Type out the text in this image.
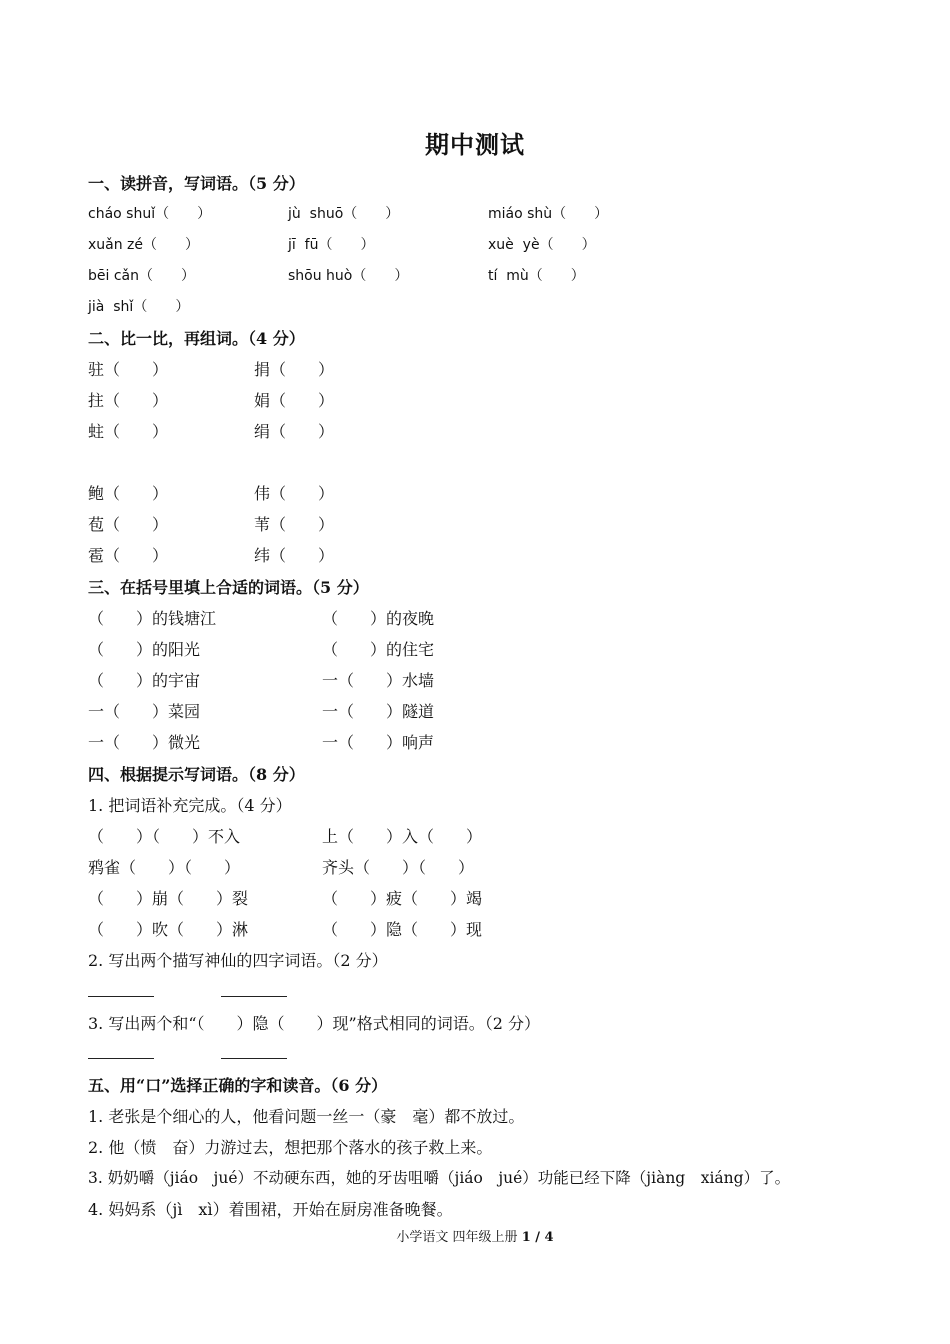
期中测试
一、读拼音，写词语。（5 分）
cháo shuǐ（　　）	jù  shuō（　　）	miáo shù（　　）
xuǎn zé（　　）	jī  fū（　　）	xuè  yè（　　）
bēi cǎn（　　）	shōu huò（　　）	tí  mù（　　）
jià  shǐ（　　）
二、比一比，再组词。（4 分）
驻（　　）	捐（　　）
拄（　　）	娟（　　）
蛀（　　）	绢（　　）
鲍（　　）	伟（　　）
苞（　　）	苇（　　）
雹（　　）	纬（　　）
三、在括号里填上合适的词语。（5 分）
（　　）的钱塘江	（　　）的夜晚
（　　）的阳光	（　　）的住宅
（　　）的宇宙	一（　　）水墙
一（　　）菜园	一（　　）隧道
一（　　）微光	一（　　）响声
四、根据提示写词语。（8 分）
1. 把词语补充完成。（4 分）
（　　）（　　）不入	上（　　）入（　　）
鸦雀（　　）（　　）	齐头（　　）（　　）
（　　）崩（　　）裂	（　　）疲（　　）竭
（　　）吹（　　）淋	（　　）隐（　　）现
2. 写出两个描写神仙的四字词语。（2 分）
3. 写出两个和“（　　）隐（　　）现”格式相同的词语。（2 分）
五、用“口”选择正确的字和读音。（6 分）
1. 老张是个细心的人，他看问题一丝一（豪　毫）都不放过。
2. 他（愤　奋）力游过去，想把那个落水的孩子救上来。
3. 奶奶嚼（jiáo　jué）不动硬东西，她的牙齿咀嚼（jiáo　jué）功能已经下降（jiàng　xiáng）了。
4. 妈妈系（jì　xì）着围裙，开始在厨房准备晚餐。
小学语文 四年级上册 1 / 4
